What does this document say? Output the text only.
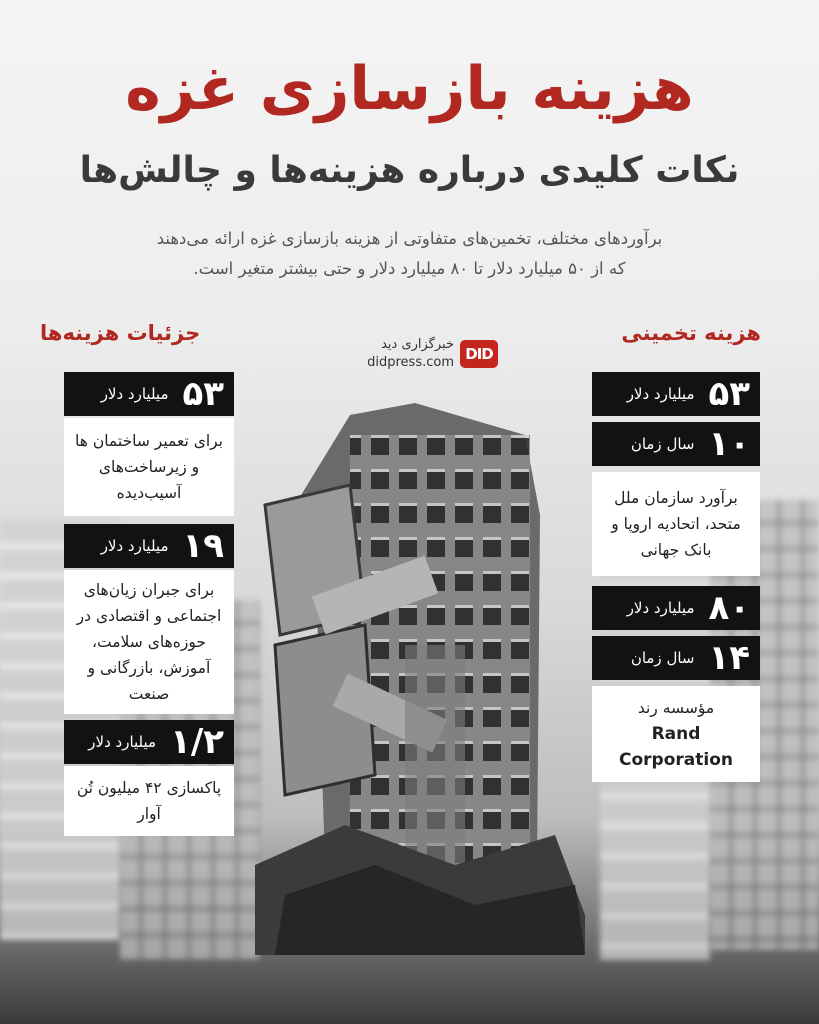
هزینه بازسازی غزه
نکات کلیدی درباره هزینه‌ها و چالش‌ها
برآوردهای مختلف، تخمین‌های متفاوتی از هزینه بازسازی غزه ارائه می‌دهند
که از ۵۰ میلیارد دلار تا ۸۰ میلیارد دلار و حتی بیشتر متغیر است.
جزئیات هزینه‌ها	هزینه تخمینی
DID
خبرگزاری دید
didpress.com
۵۳
میلیارد دلار
برای تعمیر ساختمان ها و زیرساخت‌های آسیب‌دیده
۱۹
میلیارد دلار
برای جبران زیان‌های اجتماعی و اقتصادی در حوزه‌های سلامت، آموزش، بازرگانی و صنعت
۱/۲
میلیارد دلار
پاکسازی ۴۲ میلیون تُن آوار
۵۳
میلیارد دلار
۱۰
سال زمان
برآورد سازمان ملل متحد، اتحادیه اروپا و بانک جهانی
۸۰
میلیارد دلار
۱۴
سال زمان
مؤسسه رند
Rand Corporation
